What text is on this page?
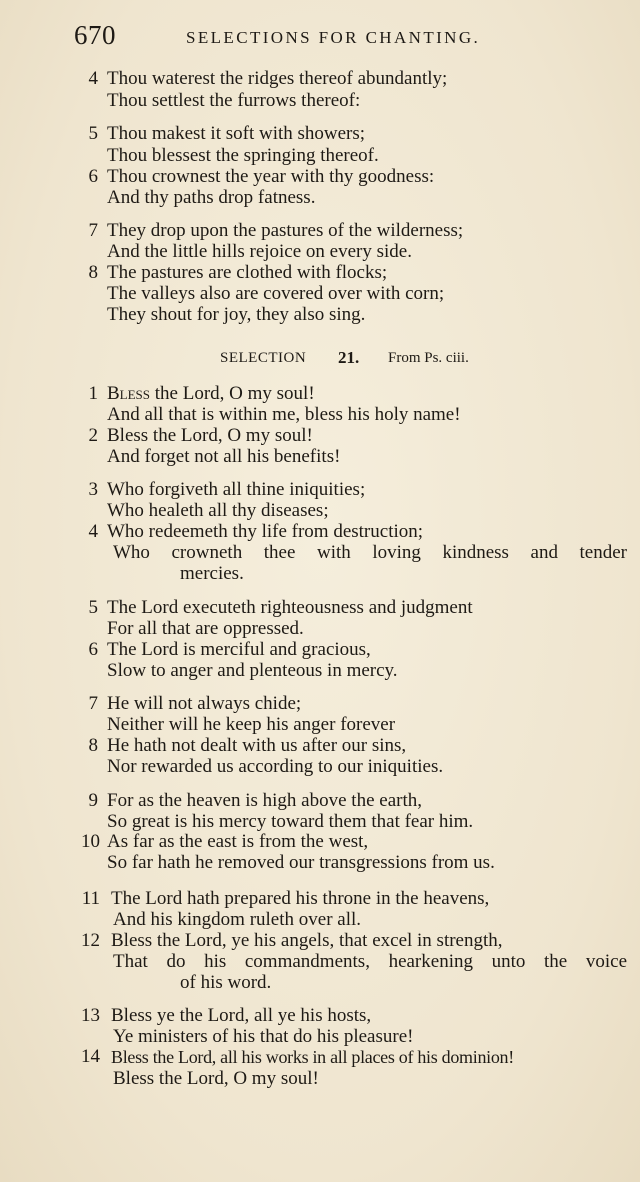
670	SELECTIONS FOR CHANTING.
4 Thou waterest the ridges thereof abundantly;
Thou settlest the furrows thereof:
5 Thou makest it soft with showers;
Thou blessest the springing thereof.
6 Thou crownest the year with thy goodness:
And thy paths drop fatness.
7 They drop upon the pastures of the wilderness;
And the little hills rejoice on every side.
8 The pastures are clothed with flocks;
The valleys also are covered over with corn;
They shout for joy, they also sing.
SELECTION 21. From Ps. ciii.
1 Bless the Lord, O my soul!
And all that is within me, bless his holy name!
2 Bless the Lord, O my soul!
And forget not all his benefits!
3 Who forgiveth all thine iniquities;
Who healeth all thy diseases;
4 Who redeemeth thy life from destruction;
Who crowneth thee with loving kindness and tender
mercies.
5 The Lord executeth righteousness and judgment
For all that are oppressed.
6 The Lord is merciful and gracious,
Slow to anger and plenteous in mercy.
7 He will not always chide;
Neither will he keep his anger forever
8 He hath not dealt with us after our sins,
Nor rewarded us according to our iniquities.
9 For as the heaven is high above the earth,
So great is his mercy toward them that fear him.
10 As far as the east is from the west,
So far hath he removed our transgressions from us.
11 The Lord hath prepared his throne in the heavens,
And his kingdom ruleth over all.
12 Bless the Lord, ye his angels, that excel in strength,
That do his commandments, hearkening unto the voice
of his word.
13 Bless ye the Lord, all ye his hosts,
Ye ministers of his that do his pleasure!
14 Bless the Lord, all his works in all places of his dominion!
Bless the Lord, O my soul!
